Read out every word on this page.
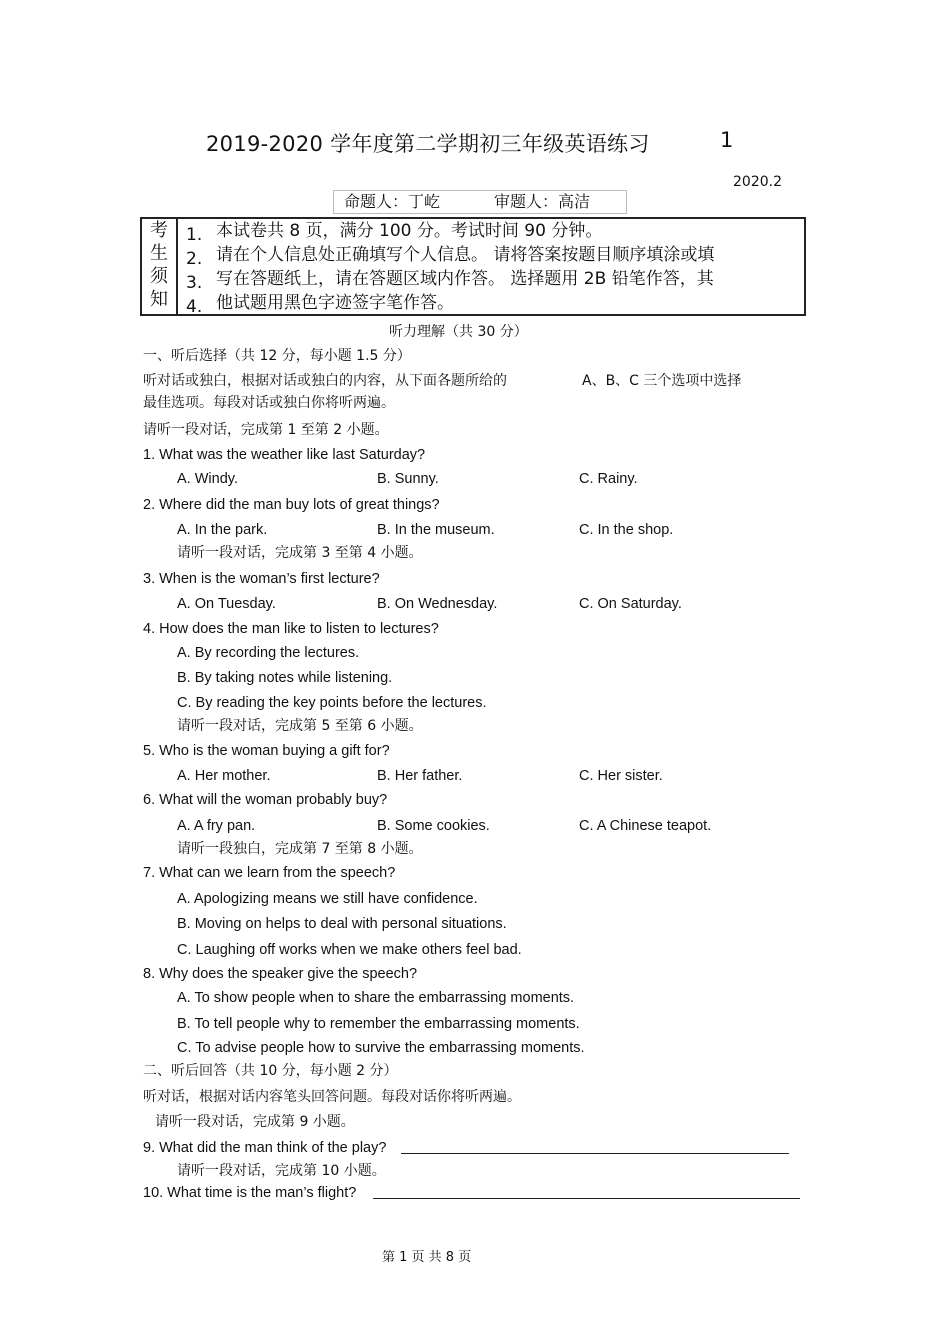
2019-2020 学年度第二学期初三年级英语练习	1
2020.2
命题人：丁屹	审题人：高洁
考
生
须
知
1.
2.
3.
4.
本试卷共 8 页，满分 100 分。考试时间 90 分钟。
请在个人信息处正确填写个人信息。 请将答案按题目顺序填涂或填
写在答题纸上，请在答题区域内作答。 选择题用 2B 铅笔作答，其
他试题用黑色字迹签字笔作答。
听力理解（共 30 分）
一、听后选择（共 12 分，每小题 1.5 分）
听对话或独白，根据对话或独白的内容，从下面各题所给的	A、B、C 三个选项中选择
最佳选项。每段对话或独白你将听两遍。
请听一段对话，完成第 1 至第 2 小题。
1. What was the weather like last Saturday?
A. Windy.	B. Sunny.	C. Rainy.
2. Where did the man buy lots of great things?
A. In the park.	B. In the museum.	C. In the shop.
请听一段对话，完成第 3 至第 4 小题。
3. When is the woman’s first lecture?
A. On Tuesday.	B. On Wednesday.	C. On Saturday.
4. How does the man like to listen to lectures?
A. By recording the lectures.
B. By taking notes while listening.
C. By reading the key points before the lectures.
请听一段对话，完成第 5 至第 6 小题。
5. Who is the woman buying a gift for?
A. Her mother.	B. Her father.	C. Her sister.
6. What will the woman probably buy?
A. A fry pan.	B. Some cookies.	C. A Chinese teapot.
请听一段独白，完成第 7 至第 8 小题。
7. What can we learn from the speech?
A. Apologizing means we still have confidence.
B. Moving on helps to deal with personal situations.
C. Laughing off works when we make others feel bad.
8. Why does the speaker give the speech?
A. To show people when to share the embarrassing moments.
B. To tell people why to remember the embarrassing moments.
C. To advise people how to survive the embarrassing moments.
二、听后回答（共 10 分，每小题 2 分）
听对话，根据对话内容笔头回答问题。每段对话你将听两遍。
请听一段对话，完成第 9 小题。
9. What did the man think of the play?
请听一段对话，完成第 10 小题。
10. What time is the man’s flight?
第 1 页 共 8 页
